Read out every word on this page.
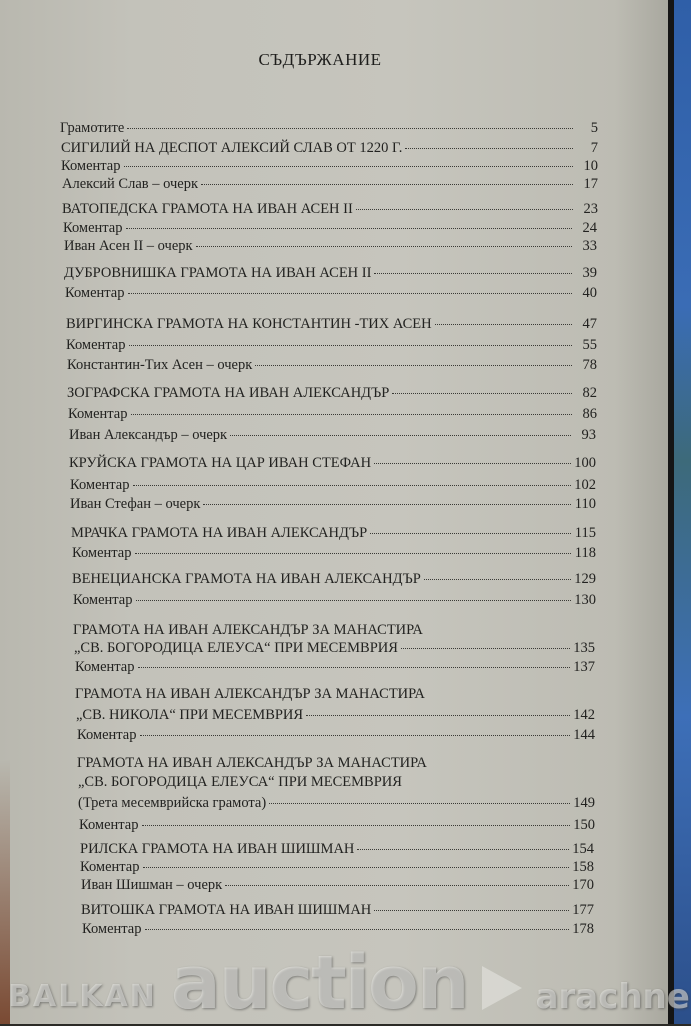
СЪДЪРЖАНИЕ
Грамотите	5
СИГИЛИЙ НА ДЕСПОТ АЛЕКСИЙ СЛАВ ОТ 1220 Г.	7
Коментар	10
Алексий Слав – очерк	17
ВАТОПЕДСКА ГРАМОТА НА ИВАН АСЕН II	23
Коментар	24
Иван Асен II – очерк	33
ДУБРОВНИШКА ГРАМОТА НА ИВАН АСЕН II	39
Коментар	40
ВИРГИНСКА ГРАМОТА НА КОНСТАНТИН -ТИХ АСЕН	47
Коментар	55
Константин-Тих Асен – очерк	78
ЗОГРАФСКА ГРАМОТА НА ИВАН АЛЕКСАНДЪР	82
Коментар	86
Иван Александър – очерк	93
КРУЙСКА ГРАМОТА НА ЦАР ИВАН СТЕФАН	100
Коментар	102
Иван Стефан – очерк	110
МРАЧКА ГРАМОТА НА ИВАН АЛЕКСАНДЪР	115
Коментар	118
ВЕНЕЦИАНСКА ГРАМОТА НА ИВАН АЛЕКСАНДЪР	129
Коментар	130
ГРАМОТА НА ИВАН АЛЕКСАНДЪР ЗА МАНАСТИРА
„СВ. БОГОРОДИЦА ЕЛЕУСА“ ПРИ МЕСЕМВРИЯ	135
Коментар	137
ГРАМОТА НА ИВАН АЛЕКСАНДЪР ЗА МАНАСТИРА
„СВ. НИКОЛА“ ПРИ МЕСЕМВРИЯ	142
Коментар	144
ГРАМОТА НА ИВАН АЛЕКСАНДЪР ЗА МАНАСТИРА
„СВ. БОГОРОДИЦА ЕЛЕУСА“ ПРИ МЕСЕМВРИЯ
(Трета месемврийска грамота)	149
Коментар	150
РИЛСКА ГРАМОТА НА ИВАН ШИШМАН	154
Коментар	158
Иван Шишман – очерк	170
ВИТОШКА ГРАМОТА НА ИВАН ШИШМАН	177
Коментар	178
BALKAN auction arachne
